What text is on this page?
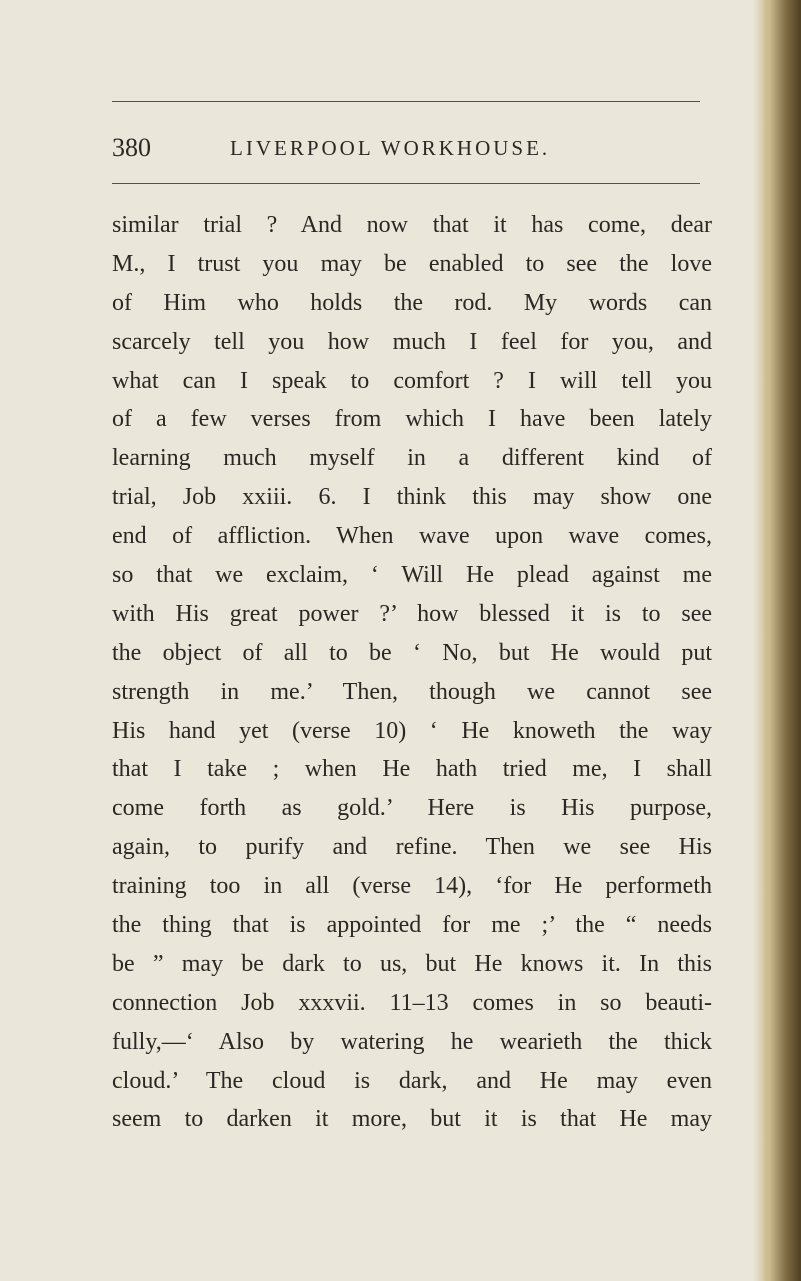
380	LIVERPOOL WORKHOUSE.
similar trial ? And now that it has come, dear
M., I trust you may be enabled to see the love
of Him who holds the rod. My words can
scarcely tell you how much I feel for you, and
what can I speak to comfort ? I will tell you
of a few verses from which I have been lately
learning much myself in a different kind of
trial, Job xxiii. 6. I think this may show one
end of affliction. When wave upon wave comes,
so that we exclaim, ‘ Will He plead against me
with His great power ?’ how blessed it is to see
the object of all to be ‘ No, but He would put
strength in me.’ Then, though we cannot see
His hand yet (verse 10) ‘ He knoweth the way
that I take ; when He hath tried me, I shall
come forth as gold.’ Here is His purpose,
again, to purify and refine. Then we see His
training too in all (verse 14), ‘for He performeth
the thing that is appointed for me ;’ the “ needs
be ” may be dark to us, but He knows it. In this
connection Job xxxvii. 11–13 comes in so beauti-
fully,—‘ Also by watering he wearieth the thick
cloud.’ The cloud is dark, and He may even
seem to darken it more, but it is that He may
